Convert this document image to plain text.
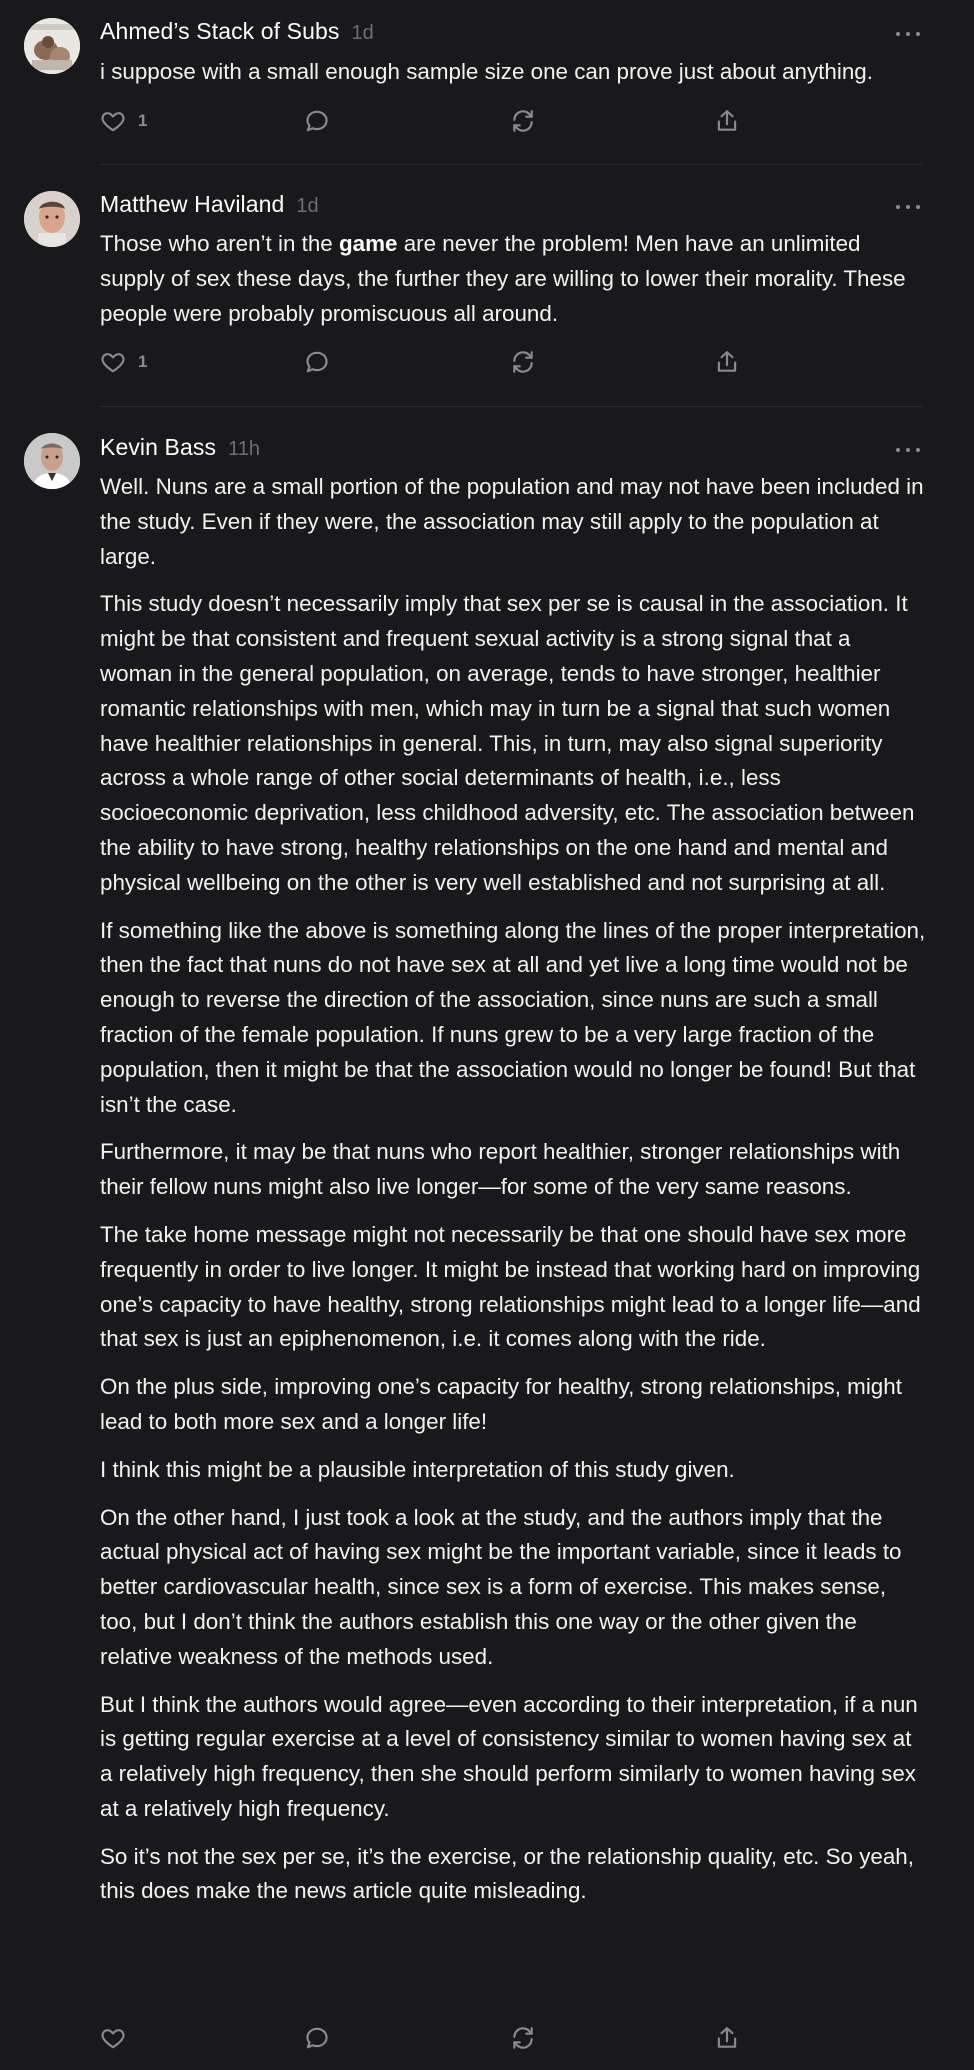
Ahmed’s Stack of Subs 1d

i suppose with a small enough sample size one can prove just about anything.

1
Matthew Haviland 1d

Those who aren’t in the game are never the problem! Men have an unlimited supply of sex these days, the further they are willing to lower their morality. These people were probably promiscuous all around.

1
Kevin Bass 11h

Well. Nuns are a small portion of the population and may not have been included in the study. Even if they were, the association may still apply to the population at large.

This study doesn’t necessarily imply that sex per se is causal in the association. It might be that consistent and frequent sexual activity is a strong signal that a woman in the general population, on average, tends to have stronger, healthier romantic relationships with men, which may in turn be a signal that such women have healthier relationships in general. This, in turn, may also signal superiority across a whole range of other social determinants of health, i.e., less socioeconomic deprivation, less childhood adversity, etc. The association between the ability to have strong, healthy relationships on the one hand and mental and physical wellbeing on the other is very well established and not surprising at all.

If something like the above is something along the lines of the proper interpretation, then the fact that nuns do not have sex at all and yet live a long time would not be enough to reverse the direction of the association, since nuns are such a small fraction of the female population. If nuns grew to be a very large fraction of the population, then it might be that the association would no longer be found! But that isn’t the case.

Furthermore, it may be that nuns who report healthier, stronger relationships with their fellow nuns might also live longer—for some of the very same reasons.

The take home message might not necessarily be that one should have sex more frequently in order to live longer. It might be instead that working hard on improving one’s capacity to have healthy, strong relationships might lead to a longer life—and that sex is just an epiphenomenon, i.e. it comes along with the ride.

On the plus side, improving one’s capacity for healthy, strong relationships, might lead to both more sex and a longer life!

I think this might be a plausible interpretation of this study given.

On the other hand, I just took a look at the study, and the authors imply that the actual physical act of having sex might be the important variable, since it leads to better cardiovascular health, since sex is a form of exercise. This makes sense, too, but I don’t think the authors establish this one way or the other given the relative weakness of the methods used.

But I think the authors would agree—even according to their interpretation, if a nun is getting regular exercise at a level of consistency similar to women having sex at a relatively high frequency, then she should perform similarly to women having sex at a relatively high frequency.

So it’s not the sex per se, it’s the exercise, or the relationship quality, etc. So yeah, this does make the news article quite misleading.
